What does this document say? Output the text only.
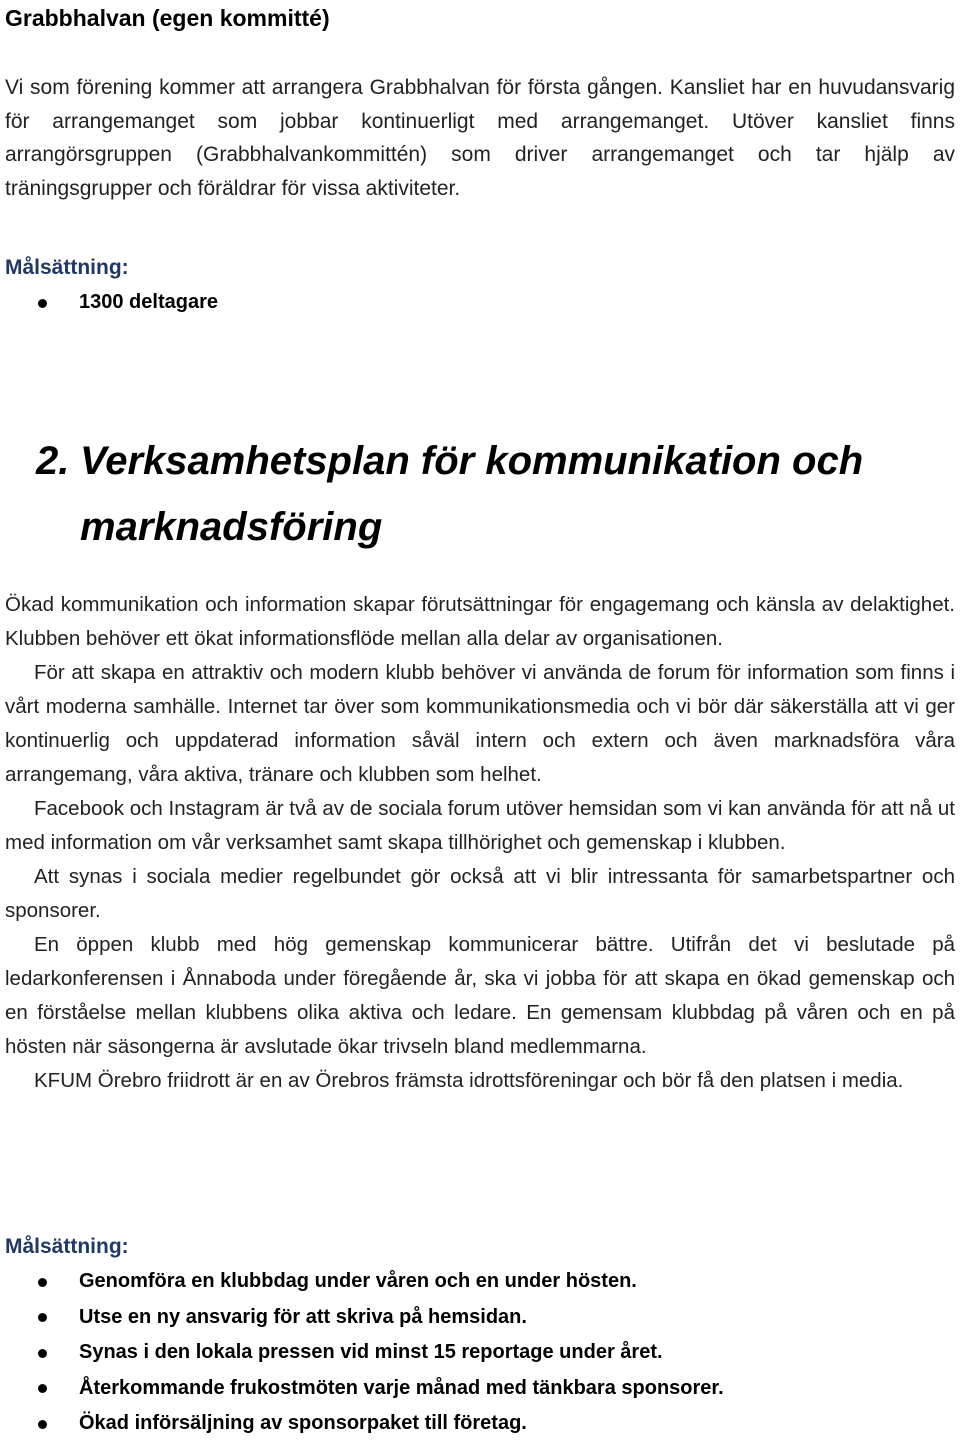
Grabbhalvan (egen kommitté)

Vi som förening kommer att arrangera Grabbhalvan för första gången. Kansliet har en huvudansvarig för arrangemanget som jobbar kontinuerligt med arrangemanget. Utöver kansliet finns arrangörsgruppen (Grabbhalvankommittén) som driver arrangemanget och tar hjälp av träningsgrupper och föräldrar för vissa aktiviteter.

Målsättning:
1300 deltagare
2. Verksamhetsplan för kommunikation och marknadsföring

Ökad kommunikation och information skapar förutsättningar för engagemang och känsla av delaktighet. Klubben behöver ett ökat informationsflöde mellan alla delar av organisationen.

För att skapa en attraktiv och modern klubb behöver vi använda de forum för information som finns i vårt moderna samhälle. Internet tar över som kommunikationsmedia och vi bör där säkerställa att vi ger kontinuerlig och uppdaterad information såväl intern och extern och även marknadsföra våra arrangemang, våra aktiva, tränare och klubben som helhet.

Facebook och Instagram är två av de sociala forum utöver hemsidan som vi kan använda för att nå ut med information om vår verksamhet samt skapa tillhörighet och gemenskap i klubben.

Att synas i sociala medier regelbundet gör också att vi blir intressanta för samarbetspartner och sponsorer.

En öppen klubb med hög gemenskap kommunicerar bättre. Utifrån det vi beslutade på ledarkonferensen i Ånnaboda under föregående år, ska vi jobba för att skapa en ökad gemenskap och en förståelse mellan klubbens olika aktiva och ledare. En gemensam klubbdag på våren och en på hösten när säsongerna är avslutade ökar trivseln bland medlemmarna.

KFUM Örebro friidrott är en av Örebros främsta idrottsföreningar och bör få den platsen i media.

Målsättning:
Genomföra en klubbdag under våren och en under hösten.
Utse en ny ansvarig för att skriva på hemsidan.
Synas i den lokala pressen vid minst 15 reportage under året.
Återkommande frukostmöten varje månad med tänkbara sponsorer.
Ökad införsäljning av sponsorpaket till företag.
